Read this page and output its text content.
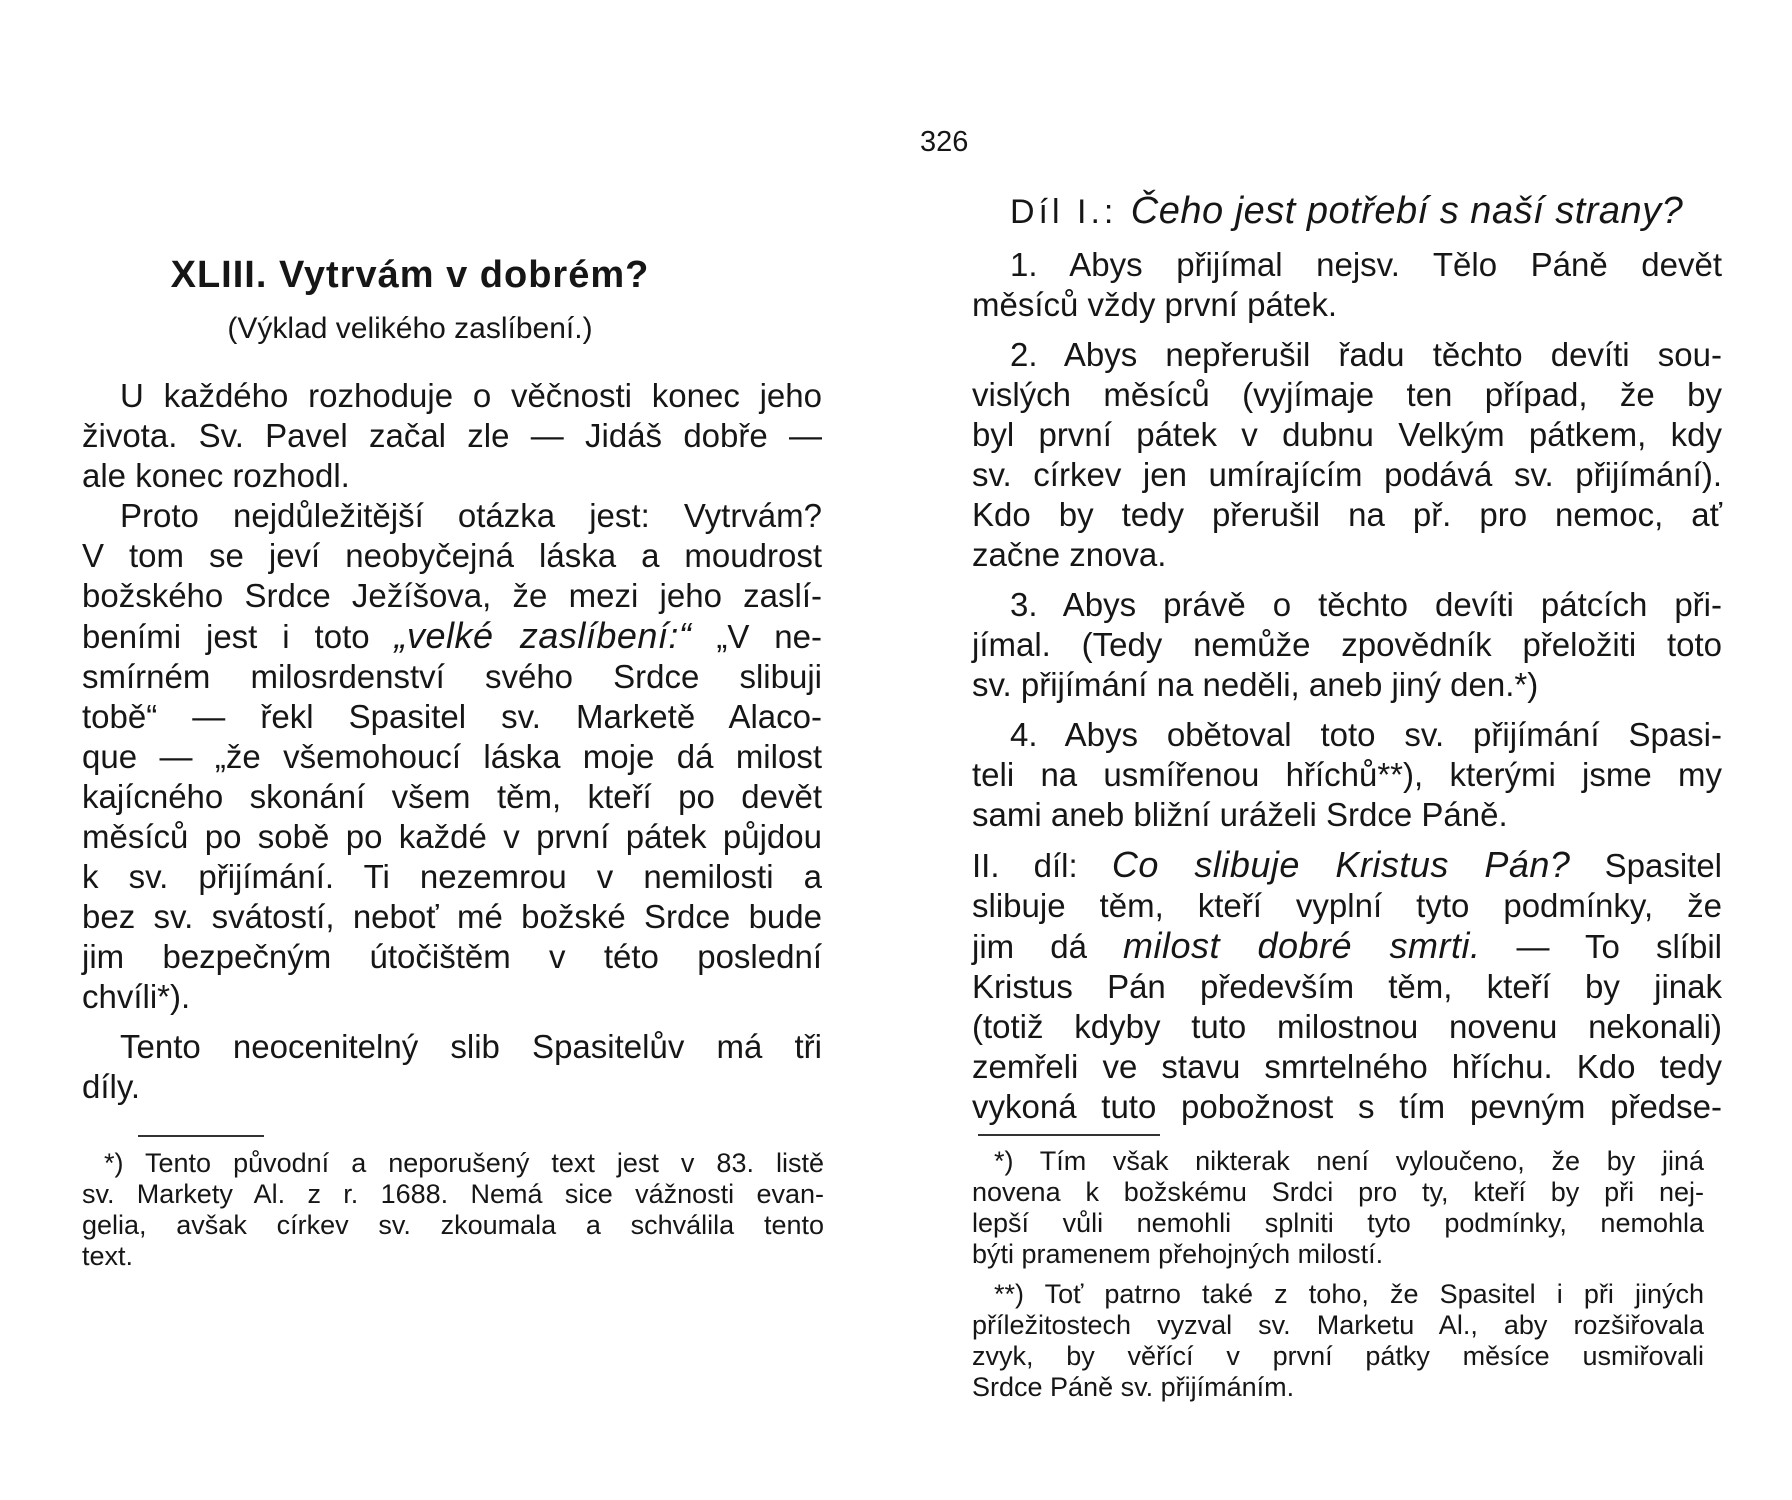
XLIII. Vytrvám v dobrém?
(Výklad velikého zaslíbení.)

U každého rozhoduje o věčnosti konec jeho

života. Sv. Pavel začal zle — Jidáš dobře —

ale konec rozhodl.

Proto nejdůležitější otázka jest: Vytrvám?

V tom se jeví neobyčejná láska a moudrost

božského Srdce Ježíšova, že mezi jeho zaslí-

beními jest i toto „velké zaslíbení:“ „V ne-

smírném milosrdenství svého Srdce slibuji

tobě“ — řekl Spasitel sv. Marketě Alaco-

que — „že všemohoucí láska moje dá milost

kajícného skonání všem těm, kteří po devět

měsíců po sobě po každé v první pátek půjdou

k sv. přijímání. Ti nezemrou v nemilosti a

bez sv. svátostí, neboť mé božské Srdce bude

jim bezpečným útočištěm v této poslední

chvíli*).

Tento neocenitelný slib Spasitelův má tři

díly.

*) Tento původní a neporušený text jest v 83. listě

sv. Markety Al. z r. 1688. Nemá sice vážnosti evan-

gelia, avšak církev sv. zkoumala a schválila tento

text.

326

Díl I.: Čeho jest potřebí s naší strany?

1. Abys přijímal nejsv. Tělo Páně devět

měsíců vždy první pátek.

2. Abys nepřerušil řadu těchto devíti sou-

vislých měsíců (vyjímaje ten případ, že by

byl první pátek v dubnu Velkým pátkem, kdy

sv. církev jen umírajícím podává sv. přijímání).

Kdo by tedy přerušil na př. pro nemoc, ať

začne znova.

3. Abys právě o těchto devíti pátcích při-

jímal. (Tedy nemůže zpovědník přeložiti toto

sv. přijímání na neděli, aneb jiný den.*)

4. Abys obětoval toto sv. přijímání Spasi-

teli na usmířenou hříchů**), kterými jsme my

sami aneb bližní uráželi Srdce Páně.

II. díl: Co slibuje Kristus Pán? Spasitel

slibuje těm, kteří vyplní tyto podmínky, že

jim dá milost dobré smrti. — To slíbil

Kristus Pán především těm, kteří by jinak

(totiž kdyby tuto milostnou novenu nekonali)

zemřeli ve stavu smrtelného hříchu. Kdo tedy

vykoná tuto pobožnost s tím pevným předse-

*) Tím však nikterak není vyloučeno, že by jiná

novena k božskému Srdci pro ty, kteří by při nej-

lepší vůli nemohli splniti tyto podmínky, nemohla

býti pramenem přehojných milostí.

**) Toť patrno také z toho, že Spasitel i při jiných

příležitostech vyzval sv. Marketu Al., aby rozšiřovala

zvyk, by věřící v první pátky měsíce usmiřovali

Srdce Páně sv. přijímáním.
